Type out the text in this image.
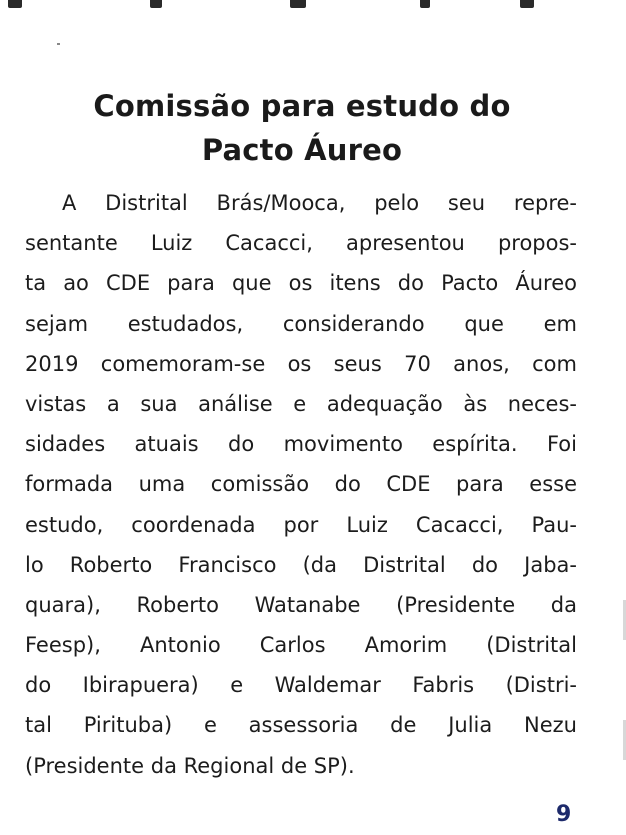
Comissão para estudo do
Pacto Áureo
A Distrital Brás/Mooca, pelo seu repre-
sentante Luiz Cacacci, apresentou propos-
ta ao CDE para que os itens do Pacto Áureo
sejam estudados, considerando que em
2019 comemoram-se os seus 70 anos, com
vistas a sua análise e adequação às neces-
sidades atuais do movimento espírita. Foi
formada uma comissão do CDE para esse
estudo, coordenada por Luiz Cacacci, Pau-
lo Roberto Francisco (da Distrital do Jaba-
quara), Roberto Watanabe (Presidente da
Feesp), Antonio Carlos Amorim (Distrital
do Ibirapuera) e Waldemar Fabris (Distri-
tal Pirituba) e assessoria de Julia Nezu
(Presidente da Regional de SP).
9
